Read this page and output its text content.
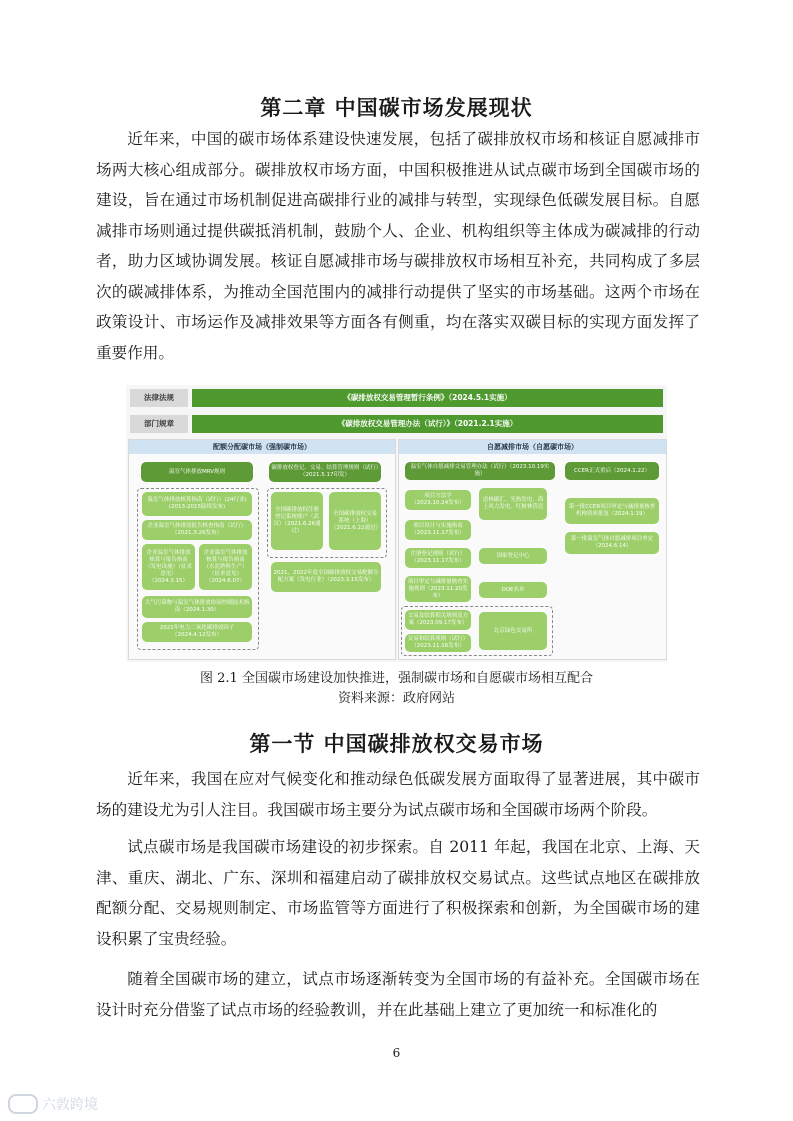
第二章 中国碳市场发展现状

近年来，中国的碳市场体系建设快速发展，包括了碳排放权市场和核证自愿减排市场两大核心组成部分。碳排放权市场方面，中国积极推进从试点碳市场到全国碳市场的建设，旨在通过市场机制促进高碳排行业的减排与转型，实现绿色低碳发展目标。自愿减排市场则通过提供碳抵消机制，鼓励个人、企业、机构组织等主体成为碳减排的行动者，助力区域协调发展。核证自愿减排市场与碳排放权市场相互补充，共同构成了多层次的碳减排体系，为推动全国范围内的减排行动提供了坚实的市场基础。这两个市场在政策设计、市场运作及减排效果等方面各有侧重，均在落实双碳目标的实现方面发挥了重要作用。

法律法规	《碳排放权交易管理暂行条例》（2024.5.1实施）
部门规章	《碳排放权交易管理办法（试行）》（2021.2.1实施）
配额分配碳市场（强制碳市场）
温室气体排放MRV规则
碳排放权登记、交易、结算管理规则（试行）（2021.5.17印发）
温室气体排放核算指南（试行）(24行业)(2013-2015陆续发布)
企业温室气体排放报告核查指南（试行）（2021.3.26发布）
企业温室气体排放核算与报告指南（发电设施）（征求意见）（2024.3.15）
企业温室气体排放核算与报告指南（水泥熟料生产）（征求意见）（2024.6.07）
大气污染物与温室气体排放协同控制技术指南（2024.1.30）
2021年电力二氧化碳排放因子（2024.4.12发布）
全国碳排放权注册登记系统账户（武汉）（2021.6.26通过）
全国碳排放权交易系统（上海）（2021.6.22通过）
2021、2022年度全国碳排放权交易配额分配方案（发电行业）（2023.3.15发布）
自愿减排市场（自愿碳市场）
温室气体自愿减排交易管理办法（试行）（2023.10.19实施）
CCER正式重启（2024.1.22）
项目方法学（2023.10.24发布）	造林碳汇、光热发电、海上风力发电、红树林营造
项目设计与实施指南（2023.11.17发布）
注册登记规则（试行）（2023.11.17发布）
国家登记中心
项目审定与减排量核查实施规则（2023.11.20发布）
DOE名单
交易及结算相关规则及方案（2023.09.17发布）
交易和结算规则（试行）（2023.11.16发布）
北京绿色交易所
第一批CCER项目审定与减排量核查机构资质批复（2024.1.19）
第一批温室气体自愿减排项目申定（2024.6.14）
图 2.1 全国碳市场建设加快推进，强制碳市场和自愿碳市场相互配合
资料来源：政府网站
第一节 中国碳排放权交易市场

近年来，我国在应对气候变化和推动绿色低碳发展方面取得了显著进展，其中碳市场的建设尤为引人注目。我国碳市场主要分为试点碳市场和全国碳市场两个阶段。

试点碳市场是我国碳市场建设的初步探索。自 2011 年起，我国在北京、上海、天津、重庆、湖北、广东、深圳和福建启动了碳排放权交易试点。这些试点地区在碳排放配额分配、交易规则制定、市场监管等方面进行了积极探索和创新，为全国碳市场的建设积累了宝贵经验。

随着全国碳市场的建立，试点市场逐渐转变为全国市场的有益补充。全国碳市场在设计时充分借鉴了试点市场的经验教训，并在此基础上建立了更加统一和标准化的

6
六敦跨境
